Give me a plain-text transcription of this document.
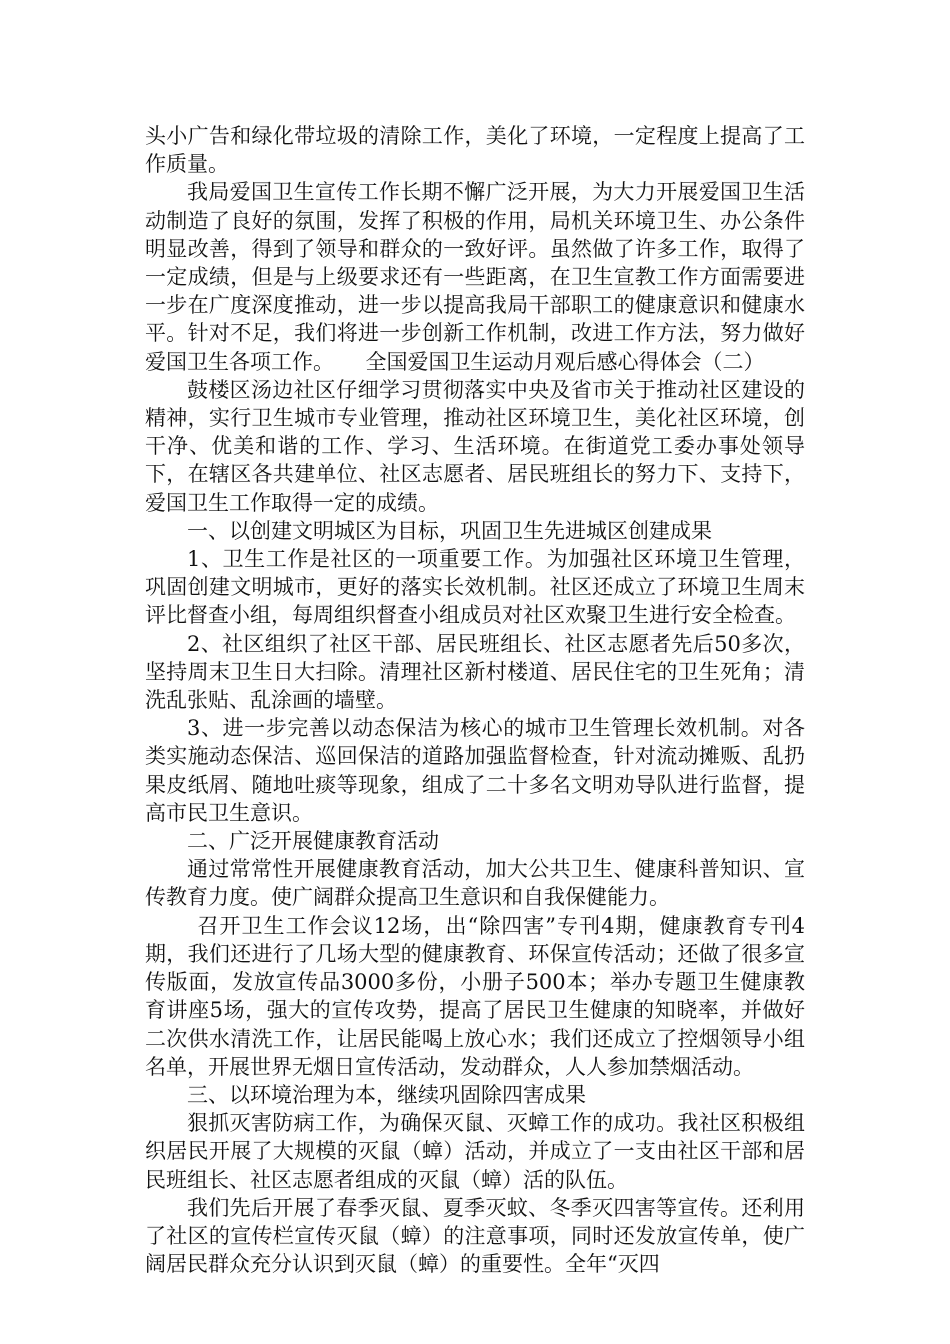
头小广告和绿化带垃圾的清除工作，美化了环境，一定程度上提高了工作质量。

我局爱国卫生宣传工作长期不懈广泛开展，为大力开展爱国卫生活动制造了良好的氛围，发挥了积极的作用，局机关环境卫生、办公条件明显改善，得到了领导和群众的一致好评。虽然做了许多工作，取得了一定成绩，但是与上级要求还有一些距离，在卫生宣教工作方面需要进一步在广度深度推动，进一步以提高我局干部职工的健康意识和健康水平。针对不足，我们将进一步创新工作机制，改进工作方法，努力做好爱国卫生各项工作。　　全国爱国卫生运动月观后感心得体会（二）

鼓楼区汤边社区仔细学习贯彻落实中央及省市关于推动社区建设的精神，实行卫生城市专业管理，推动社区环境卫生，美化社区环境，创干净、优美和谐的工作、学习、生活环境。在街道党工委办事处领导下，在辖区各共建单位、社区志愿者、居民班组长的努力下、支持下，爱国卫生工作取得一定的成绩。

一、以创建文明城区为目标，巩固卫生先进城区创建成果

1、卫生工作是社区的一项重要工作。为加强社区环境卫生管理，巩固创建文明城市，更好的落实长效机制。社区还成立了环境卫生周末评比督查小组，每周组织督查小组成员对社区欢聚卫生进行安全检查。

2、社区组织了社区干部、居民班组长、社区志愿者先后50多次，坚持周末卫生日大扫除。清理社区新村楼道、居民住宅的卫生死角；清洗乱张贴、乱涂画的墙壁。

3、进一步完善以动态保洁为核心的城市卫生管理长效机制。对各类实施动态保洁、巡回保洁的道路加强监督检查，针对流动摊贩、乱扔果皮纸屑、随地吐痰等现象，组成了二十多名文明劝导队进行监督，提高市民卫生意识。

二、广泛开展健康教育活动

通过常常性开展健康教育活动，加大公共卫生、健康科普知识、宣传教育力度。使广阔群众提高卫生意识和自我保健能力。

召开卫生工作会议12场，出“除四害”专刊4期，健康教育专刊4期，我们还进行了几场大型的健康教育、环保宣传活动；还做了很多宣传版面，发放宣传品3000多份，小册子500本；举办专题卫生健康教育讲座5场，强大的宣传攻势，提高了居民卫生健康的知晓率，并做好二次供水清洗工作，让居民能喝上放心水；我们还成立了控烟领导小组名单，开展世界无烟日宣传活动，发动群众，人人参加禁烟活动。

三、以环境治理为本，继续巩固除四害成果

狠抓灭害防病工作，为确保灭鼠、灭蟑工作的成功。我社区积极组织居民开展了大规模的灭鼠（蟑）活动，并成立了一支由社区干部和居民班组长、社区志愿者组成的灭鼠（蟑）活的队伍。

我们先后开展了春季灭鼠、夏季灭蚊、冬季灭四害等宣传。还利用了社区的宣传栏宣传灭鼠（蟑）的注意事项，同时还发放宣传单，使广阔居民群众充分认识到灭鼠（蟑）的重要性。全年“灭四
